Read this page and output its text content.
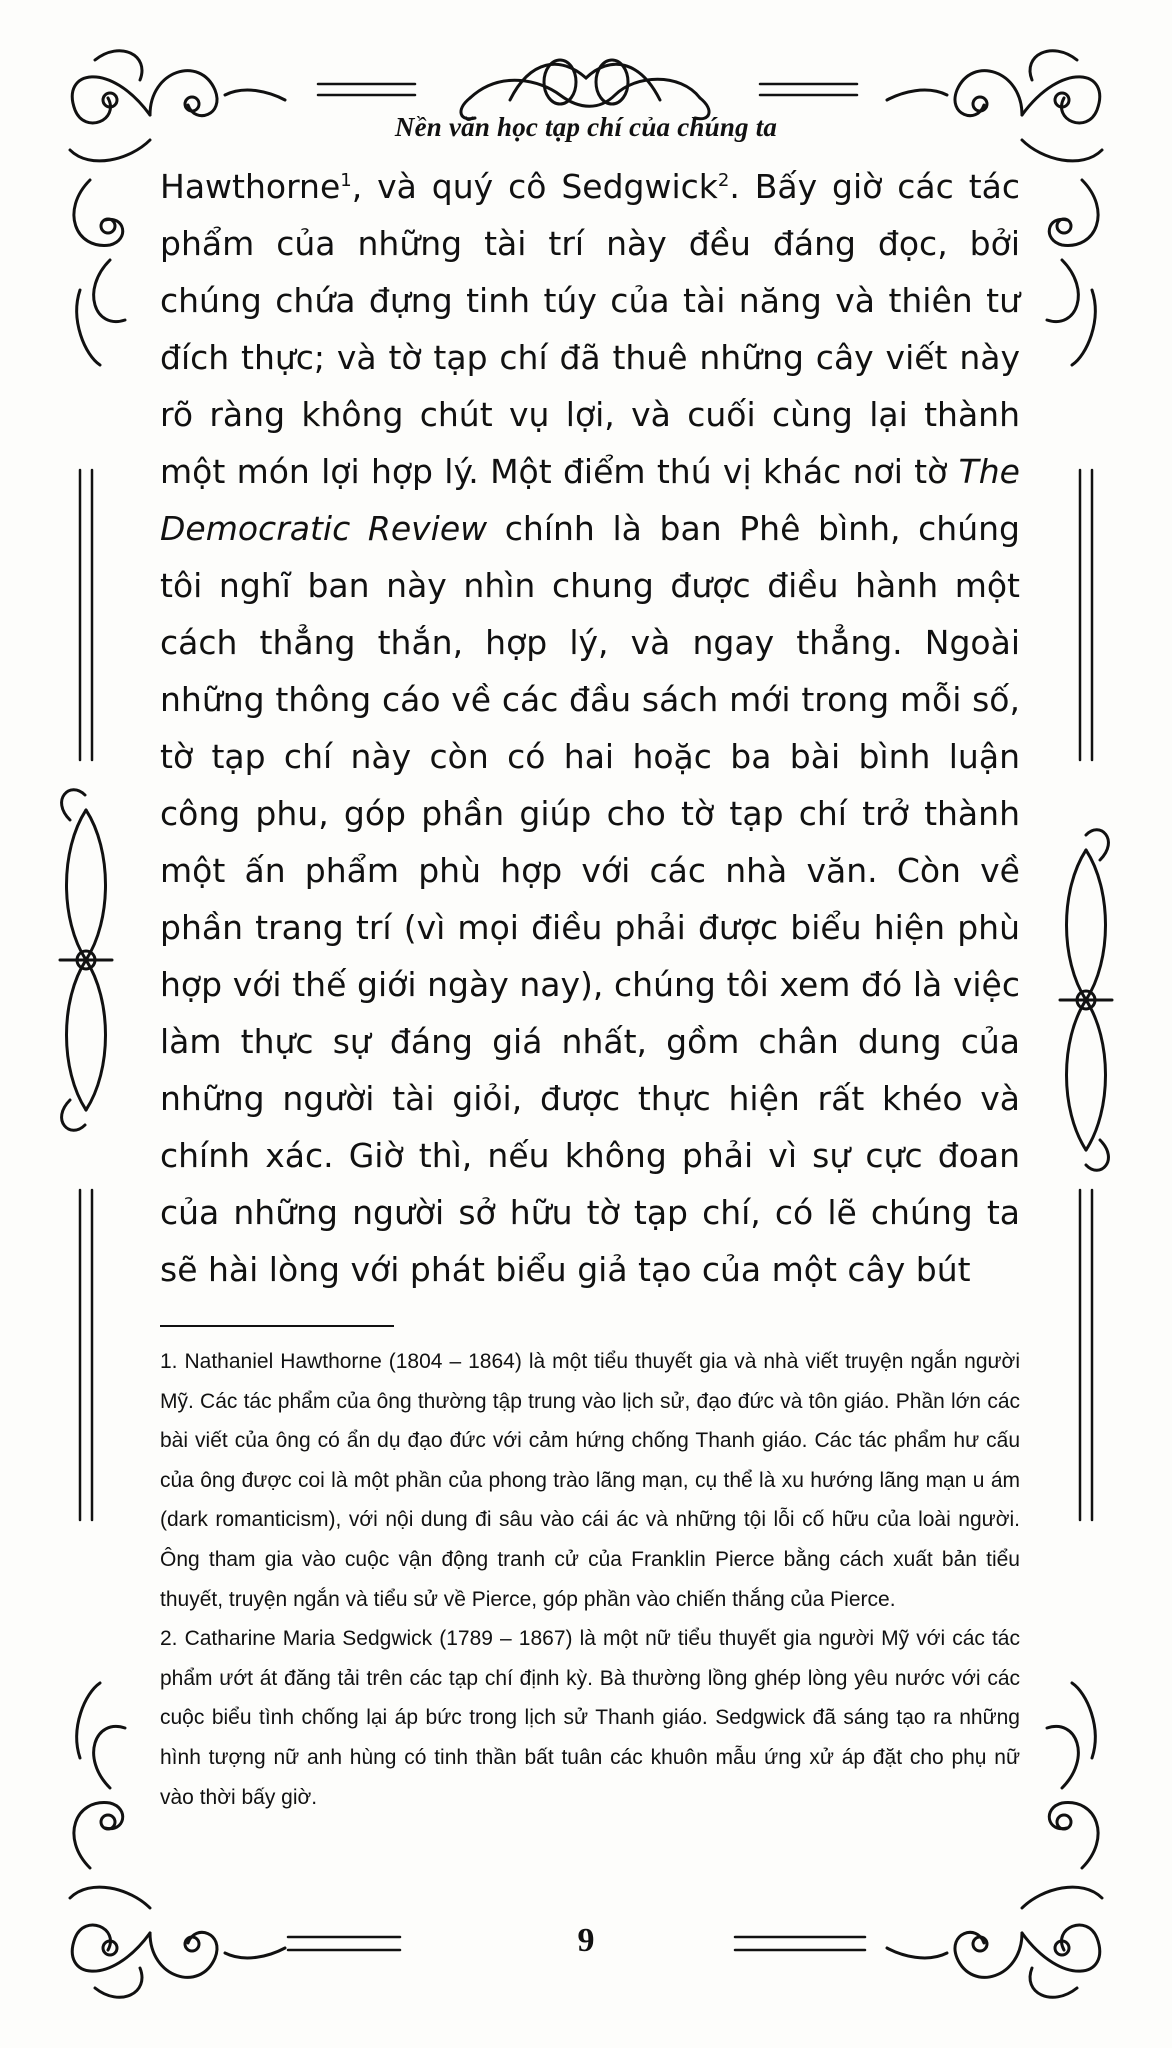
Nền văn học tạp chí của chúng ta

Hawthorne$^1$, và quý cô Sedgwick$^2$. Bấy giờ các tác phẩm của những tài trí này đều đáng đọc, bởi chúng chứa đựng tinh túy của tài năng và thiên tư đích thực; và tờ tạp chí đã thuê những cây viết này rõ ràng không chút vụ lợi, và cuối cùng lại thành một món lợi hợp lý. Một điểm thú vị khác nơi tờ The Democratic Review chính là ban Phê bình, chúng tôi nghĩ ban này nhìn chung được điều hành một cách thẳng thắn, hợp lý, và ngay thẳng. Ngoài những thông cáo về các đầu sách mới trong mỗi số, tờ tạp chí này còn có hai hoặc ba bài bình luận công phu, góp phần giúp cho tờ tạp chí trở thành một ấn phẩm phù hợp với các nhà văn. Còn về phần trang trí (vì mọi điều phải được biểu hiện phù hợp với thế giới ngày nay), chúng tôi xem đó là việc làm thực sự đáng giá nhất, gồm chân dung của những người tài giỏi, được thực hiện rất khéo và chính xác. Giờ thì, nếu không phải vì sự cực đoan của những người sở hữu tờ tạp chí, có lẽ chúng ta sẽ hài lòng với phát biểu giả tạo của một cây bút

1. Nathaniel Hawthorne (1804 – 1864) là một tiểu thuyết gia và nhà viết truyện ngắn người Mỹ. Các tác phẩm của ông thường tập trung vào lịch sử, đạo đức và tôn giáo. Phần lớn các bài viết của ông có ẩn dụ đạo đức với cảm hứng chống Thanh giáo. Các tác phẩm hư cấu của ông được coi là một phần của phong trào lãng mạn, cụ thể là xu hướng lãng mạn u ám (dark romanticism), với nội dung đi sâu vào cái ác và những tội lỗi cố hữu của loài người. Ông tham gia vào cuộc vận động tranh cử của Franklin Pierce bằng cách xuất bản tiểu thuyết, truyện ngắn và tiểu sử về Pierce, góp phần vào chiến thắng của Pierce.

2. Catharine Maria Sedgwick (1789 – 1867) là một nữ tiểu thuyết gia người Mỹ với các tác phẩm ướt át đăng tải trên các tạp chí định kỳ. Bà thường lồng ghép lòng yêu nước với các cuộc biểu tình chống lại áp bức trong lịch sử Thanh giáo. Sedgwick đã sáng tạo ra những hình tượng nữ anh hùng có tinh thần bất tuân các khuôn mẫu ứng xử áp đặt cho phụ nữ vào thời bấy giờ.

9
